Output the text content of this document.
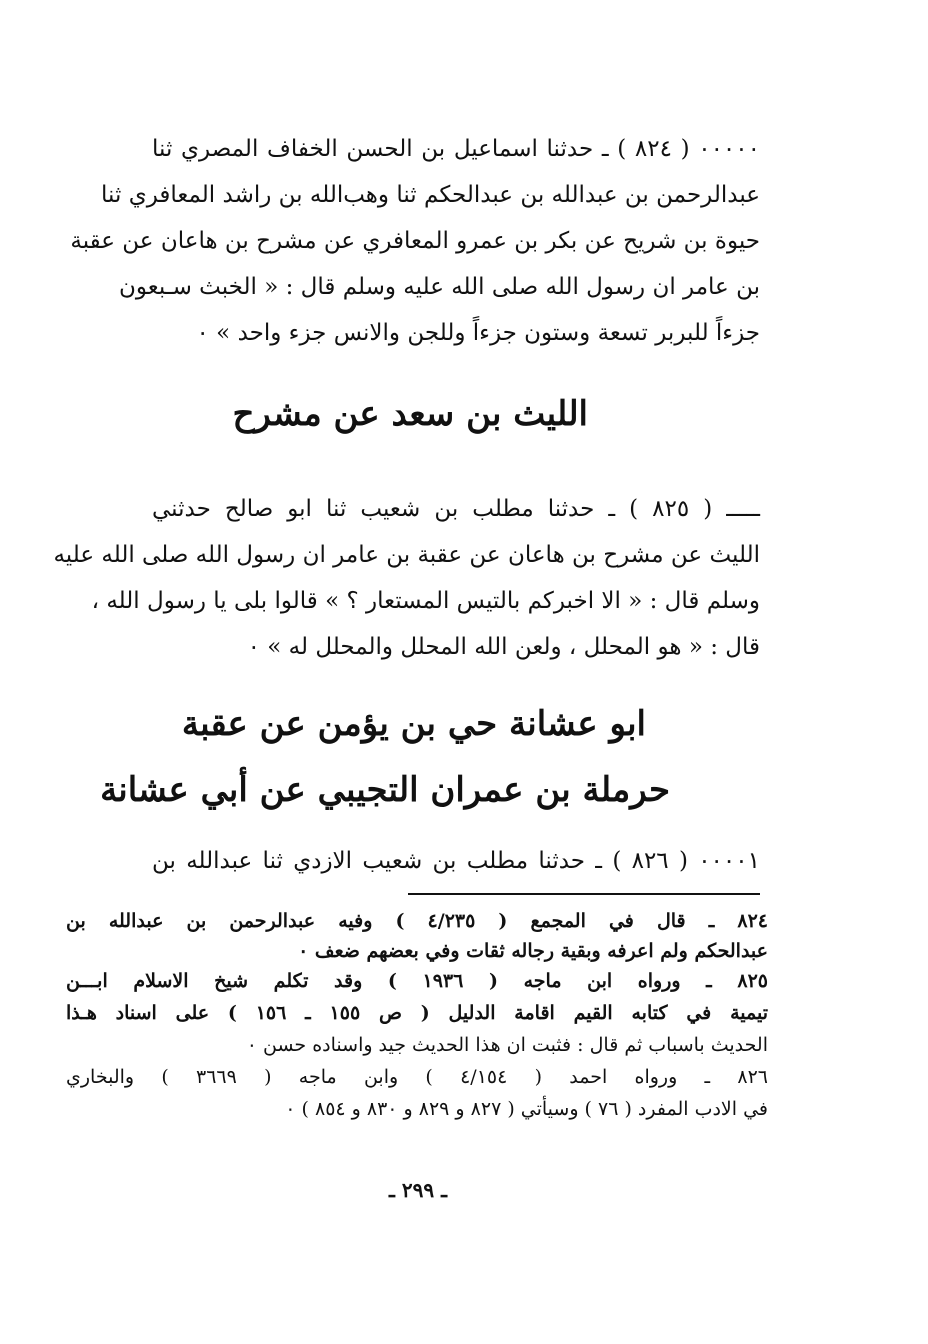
٠٠٠٠٠ ( ٨٢٤ ) ـ حدثنا اسماعيل بن الحسن الخفاف المصري ثنا
عبدالرحمن بن عبدالله بن عبدالحكم ثنا وهب‌الله بن راشد المعافري ثنا
حيوة بن شريح عن بكر بن عمرو المعافري عن مشرح بن هاعان عن عقبة
بن عامر ان رسول الله صلى الله عليه وسلم قال : « الخبث سـبعون
جزءاً للبربر تسعة وستون جزءاً وللجن والانس جزء واحد » ٠
الليث بن سعد عن مشرح
ـــــ ( ٨٢٥ ) ـ حدثنا مطلب بن شعيب ثنا ابو صالح حدثني
الليث عن مشرح بن هاعان عن عقبة بن عامر ان رسول الله صلى الله عليه
وسلم قال : « الا اخبركم بالتيس المستعار ؟ » قالوا بلى يا رسول الله ،
قال : « هو المحلل ، ولعن الله المحلل والمحلل له » ٠
ابو عشانة حي بن يؤمن عن عقبة
حرملة بن عمران التجيبي عن أبي عشانة
٠٠٠٠١ ( ٨٢٦ ) ـ حدثنا مطلب بن شعيب الازدي ثنا عبدالله بن
٨٢٤ ـ قال في المجمع ( ٤/٢٣٥ ) وفيه عبدالرحمن بن عبدالله بن
عبدالحكم ولم اعرفه وبقية رجاله ثقات وفي بعضهم ضعف ٠
٨٢٥ ـ ورواه ابن ماجه ( ١٩٣٦ ) وقد تكلم شيخ الاسلام ابـــن
تيمية في كتابه القيم اقامة الدليل ( ص ١٥٥ ـ ١٥٦ ) على اسناد هـذا
الحديث باسباب ثم قال : فثبت ان هذا الحديث جيد واسناده حسن ٠
٨٢٦ ـ ورواه احمد ( ٤/١٥٤ ) وابن ماجه ( ٣٦٦٩ ) والبخاري
في الادب المفرد ( ٧٦ ) وسيأتي ( ٨٢٧ و ٨٢٩ و ٨٣٠ و ٨٥٤ ) ٠
ـ ٢٩٩ ـ
